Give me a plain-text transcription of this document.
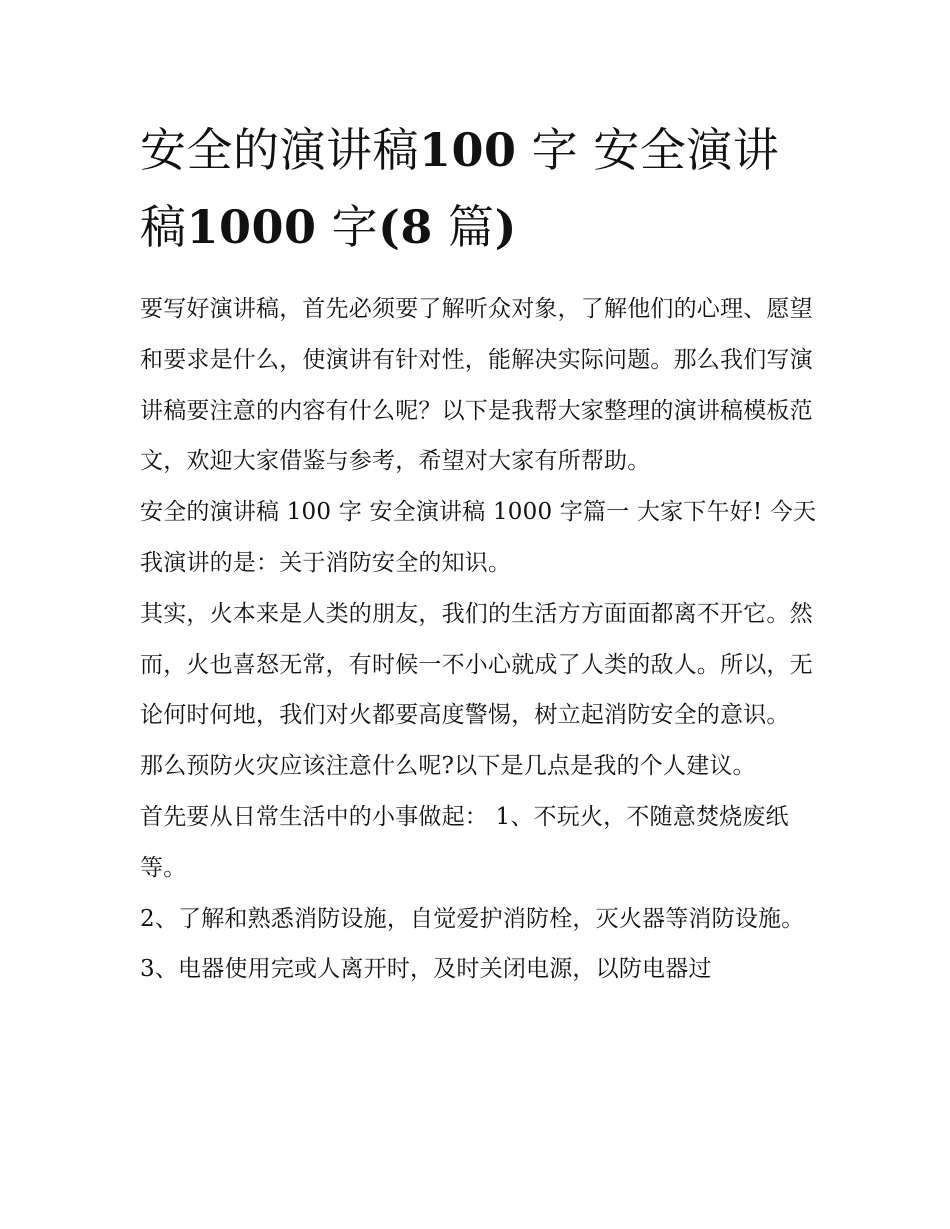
安全的演讲稿100 字 安全演讲稿1000 字(8 篇)

要写好演讲稿，首先必须要了解听众对象，了解他们的心理、愿望和要求是什么，使演讲有针对性，能解决实际问题。那么我们写演讲稿要注意的内容有什么呢？以下是我帮大家整理的演讲稿模板范文，欢迎大家借鉴与参考，希望对大家有所帮助。

安全的演讲稿 100 字 安全演讲稿 1000 字篇一 大家下午好! 今天我演讲的是：关于消防安全的知识。

其实，火本来是人类的朋友，我们的生活方方面面都离不开它。然而，火也喜怒无常，有时候一不小心就成了人类的敌人。所以，无论何时何地，我们对火都要高度警惕，树立起消防安全的意识。

那么预防火灾应该注意什么呢?以下是几点是我的个人建议。

首先要从日常生活中的小事做起： 1、不玩火，不随意焚烧废纸等。

2、了解和熟悉消防设施，自觉爱护消防栓，灭火器等消防设施。 3、电器使用完或人离开时，及时关闭电源，以防电器过
